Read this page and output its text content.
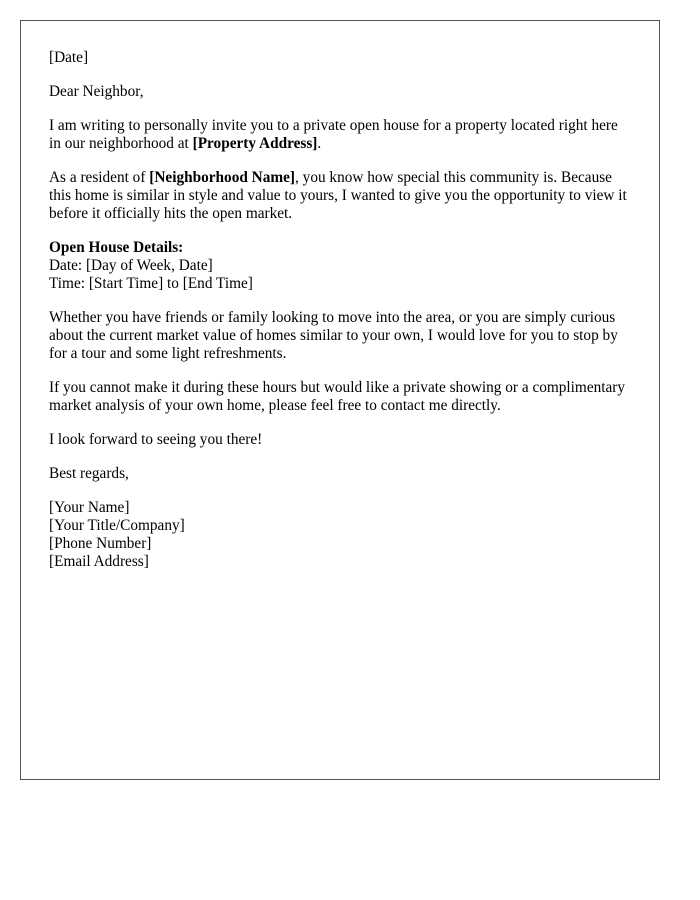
[Date]

Dear Neighbor,

I am writing to personally invite you to a private open house for a property located right here in our neighborhood at [Property Address].

As a resident of [Neighborhood Name], you know how special this community is. Because this home is similar in style and value to yours, I wanted to give you the opportunity to view it before it officially hits the open market.

Open House Details:
Date: [Day of Week, Date]
Time: [Start Time] to [End Time]

Whether you have friends or family looking to move into the area, or you are simply curious about the current market value of homes similar to your own, I would love for you to stop by for a tour and some light refreshments.

If you cannot make it during these hours but would like a private showing or a complimentary market analysis of your own home, please feel free to contact me directly.

I look forward to seeing you there!

Best regards,

[Your Name]
[Your Title/Company]
[Phone Number]
[Email Address]
